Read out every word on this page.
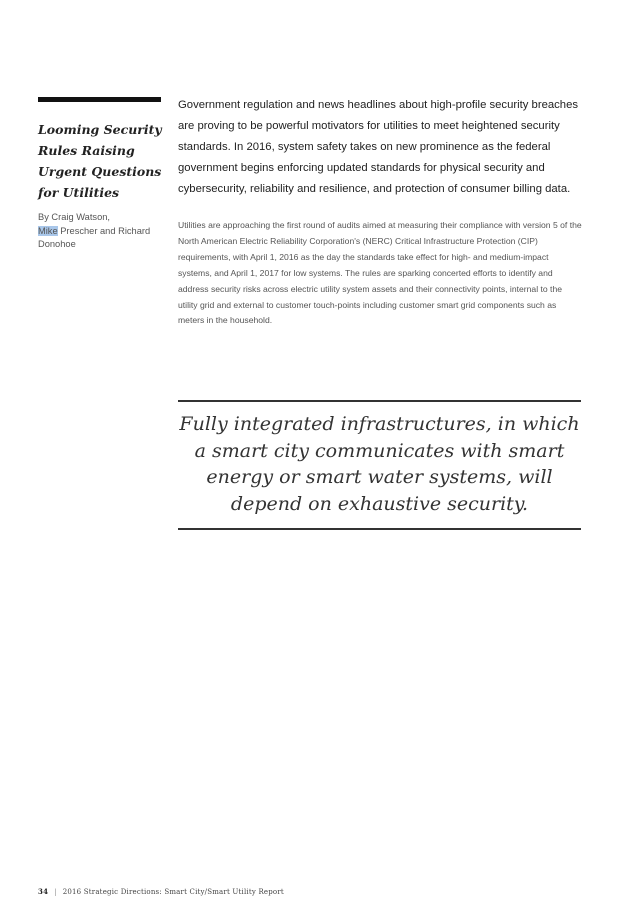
Looming Security Rules Raising Urgent Questions for Utilities
By Craig Watson,
Mike Prescher and Richard Donohoe

Government regulation and news headlines about high-profile security breaches are proving to be powerful motivators for utilities to meet heightened security standards. In 2016, system safety takes on new prominence as the federal government begins enforcing updated standards for physical security and cybersecurity, reliability and resilience, and protection of consumer billing data.

Utilities are approaching the first round of audits aimed at measuring their compliance with version 5 of the North American Electric Reliability Corporation's (NERC) Critical Infrastructure Protection (CIP) requirements, with April 1, 2016 as the day the standards take effect for high- and medium-impact systems, and April 1, 2017 for low systems. The rules are sparking concerted efforts to identify and address security risks across electric utility system assets and their connectivity points, internal to the utility grid and external to customer touch-points including customer smart grid components such as meters in the household.

Fully integrated infrastructures, in which a smart city communicates with smart energy or smart water systems, will depend on exhaustive security.

34 | 2016 Strategic Directions: Smart City/Smart Utility Report
